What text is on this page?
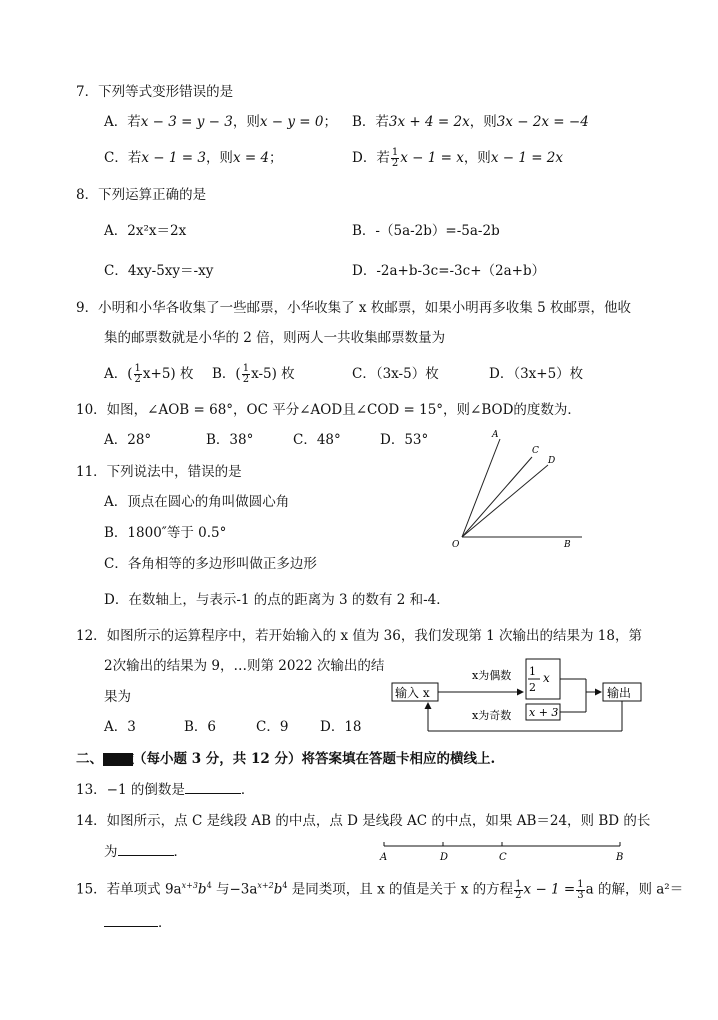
7．下列等式变形错误的是
A．若x − 3 = y − 3，则x − y = 0； B．若3x + 4 = 2x，则3x − 2x = −4
C．若x − 1 = 3，则x = 4；	D．若 $\frac{1}{2}$ x − 1 = x，则x − 1 = 2x
8．下列运算正确的是
A．2x²x＝2x	B．-（5a-2b）=-5a-2b
C．4xy-5xy＝-xy	D．-2a+b-3c=-3c+（2a+b）
9．小明和小华各收集了一些邮票，小华收集了 x 枚邮票，如果小明再多收集 5 枚邮票，他收
集的邮票数就是小华的 2 倍，则两人一共收集邮票数量为
A．( $\frac{1}{2} x+5$) 枚 B．( $\frac{1}{2} x-5$) 枚	C．（3x-5）枚	D．（3x+5）枚
10．如图，∠AOB = 68°，OC 平分∠AOD且∠COD = 15°，则∠BOD的度数为．
A．28°	B．38°	C．48°	D．53°	A
C
D
O	B
11．下列说法中，错误的是
A．顶点在圆心的角叫做圆心角
B．1800″等于 0.5°
C．各角相等的多边形叫做正多边形
D．在数轴上，与表示-1 的点的距离为 3 的数有 2 和-4．
12．如图所示的运算程序中，若开始输入的 x 值为 36，我们发现第 1 次输出的结果为 18，第
2次输出的结果为 9，…则第 2022 次输出的结
果为
A．3	B．6	C．9 D．18
输入 x
x为偶数 1
2
x
x + 3
x为奇数
输出
二、填空题（每小题 3 分，共 12 分）将答案填在答题卡相应的横线上.
13．−1 的倒数是	．
14．如图所示，点 C 是线段 AB 的中点，点 D 是线段 AC 的中点，如果 AB＝24，则 BD 的长
为	．	A	D	C	B
15．若单项式 $9a^{x+3}b^4$ 与$-3a^{x+2}b^4$ 是同类项，且 x 的值是关于 x 的方程 $\frac{1}{2}$ $x - 1 = \frac{1}{3}$ a 的解，则 a²＝
．
